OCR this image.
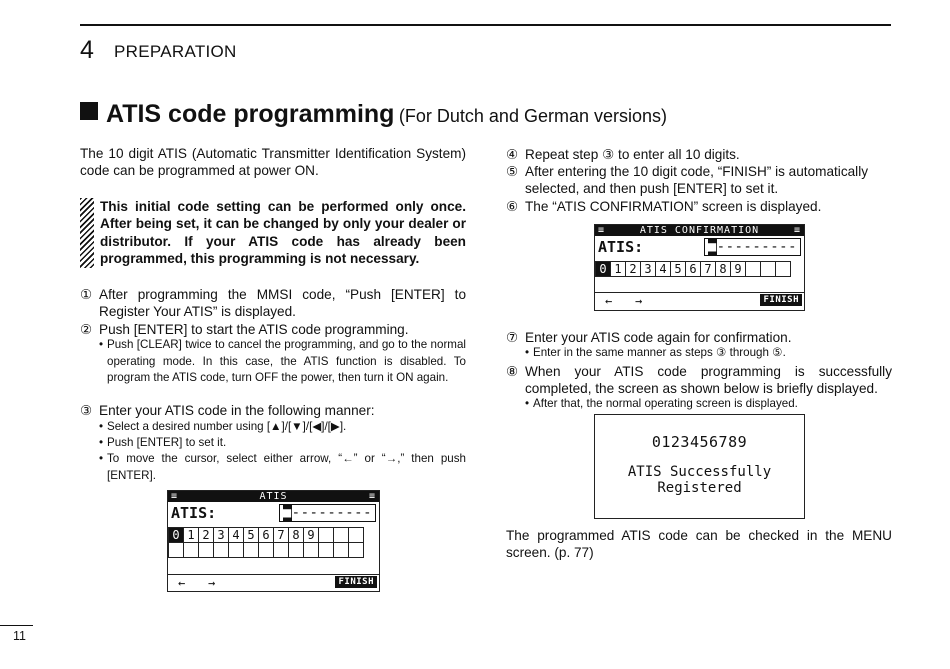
4 PREPARATION
ATIS code programming (For Dutch and German versions)
The 10 digit ATIS (Automatic Transmitter Identification System) code can be programmed at power ON.
This initial code setting can be performed only once. After being set, it can be changed by only your dealer or distributor. If your ATIS code has already been programmed, this programming is not necessary.
① After programming the MMSI code, “Push [ENTER] to Register Your ATIS” is displayed.
② Push [ENTER] to start the ATIS code programming.
• Push [CLEAR] twice to cancel the programming, and go to the normal operating mode. In this case, the ATIS function is disabled. To program the ATIS code, turn OFF the power, then turn it ON again.
③ Enter your ATIS code in the following manner:
• Select a desired number using [▲]/[▼]/[◀]/[▶].
• Push [ENTER] to set it.
• To move the cursor, select either arrow, “←” or “→,” then push [ENTER].
≡	ATIS	≡
ATIS:	■---------
0	1	2	3	4	5	6	7	8	9			

← →	FINISH
④ Repeat step ③ to enter all 10 digits.
⑤ After entering the 10 digit code, “FINISH” is automatically selected, and then push [ENTER] to set it.
⑥ The “ATIS CONFIRMATION” screen is displayed.
≡	ATIS CONFIRMATION	≡
ATIS:	■---------
0	1	2	3	4	5	6	7	8	9			
← →	FINISH
⑦ Enter your ATIS code again for confirmation.
• Enter in the same manner as steps ③ through ⑤.
⑧ When your ATIS code programming is successfully completed, the screen as shown below is briefly displayed.
• After that, the normal operating screen is displayed.
0123456789
ATIS Successfully
Registered
The programmed ATIS code can be checked in the MENU screen. (p. 77)
11
